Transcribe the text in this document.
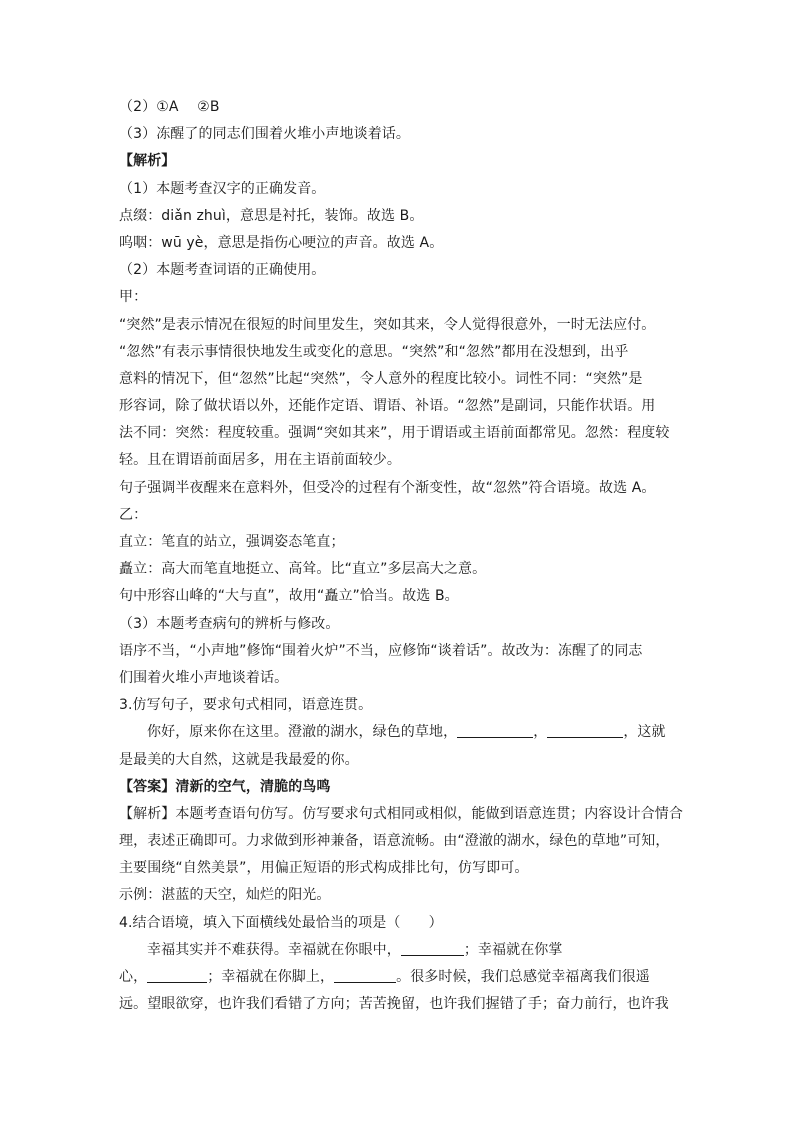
（2）①A　 ②B
（3）冻醒了的同志们围着火堆小声地谈着话。
【解析】
（1）本题考查汉字的正确发音。
点缀：diǎn zhuì，意思是衬托，装饰。故选 B。
呜咽：wū yè，意思是指伤心哽泣的声音。故选 A。
（2）本题考查词语的正确使用。
甲：
“突然”是表示情况在很短的时间里发生，突如其来，令人觉得很意外，一时无法应付。
“忽然”有表示事情很快地发生或变化的意思。“突然”和“忽然”都用在没想到，出乎
意料的情况下，但“忽然”比起“突然”，令人意外的程度比较小。词性不同：“突然”是
形容词，除了做状语以外，还能作定语、谓语、补语。“忽然”是副词，只能作状语。用
法不同：突然：程度较重。强调“突如其来”，用于谓语或主语前面都常见。忽然：程度较
轻。且在谓语前面居多，用在主语前面较少。
句子强调半夜醒来在意料外，但受冷的过程有个渐变性，故“忽然”符合语境。故选 A。
乙：
直立：笔直的站立，强调姿态笔直；
矗立：高大而笔直地挺立、高耸。比“直立”多层高大之意。
句中形容山峰的“大与直”，故用“矗立”恰当。故选 B。
（3）本题考查病句的辨析与修改。
语序不当，“小声地”修饰“围着火炉”不当，应修饰“谈着话”。故改为：冻醒了的同志
们围着火堆小声地谈着话。
3.仿写句子，要求句式相同，语意连贯。
你好，原来你在这里。澄澈的湖水，绿色的草地，	，	，这就
是最美的大自然，这就是我最爱的你。
【答案】清新的空气，清脆的鸟鸣
【解析】本题考查语句仿写。仿写要求句式相同或相似，能做到语意连贯；内容设计合情合
理，表述正确即可。力求做到形神兼备，语意流畅。由“澄澈的湖水，绿色的草地”可知，
主要围绕“自然美景”，用偏正短语的形式构成排比句，仿写即可。
示例：湛蓝的天空，灿烂的阳光。
4.结合语境，填入下面横线处最恰当的项是（　　）
幸福其实并不难获得。幸福就在你眼中，	；幸福就在你掌
心，	；幸福就在你脚上，	。很多时候，我们总感觉幸福离我们很遥
远。望眼欲穿，也许我们看错了方向；苦苦挽留，也许我们握错了手；奋力前行，也许我
